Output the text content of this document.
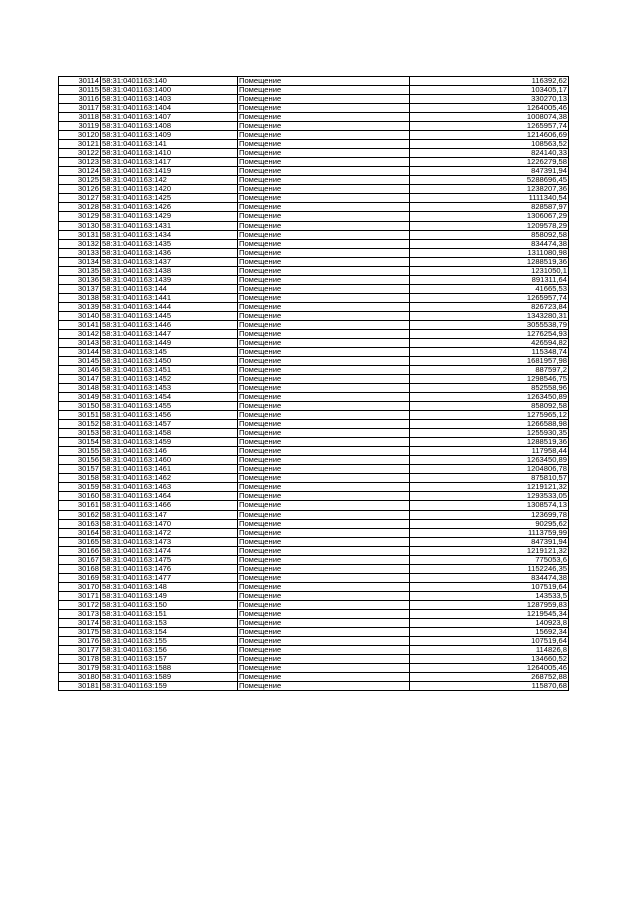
30114	58:31:0401163:140	Помещение	116392,62
30115	58:31:0401163:1400	Помещение	103405,17
30116	58:31:0401163:1403	Помещение	330270,13
30117	58:31:0401163:1404	Помещение	1264005,46
30118	58:31:0401163:1407	Помещение	1008074,38
30119	58:31:0401163:1408	Помещение	1265957,74
30120	58:31:0401163:1409	Помещение	1214606,69
30121	58:31:0401163:141	Помещение	108563,52
30122	58:31:0401163:1410	Помещение	824140,33
30123	58:31:0401163:1417	Помещение	1226279,58
30124	58:31:0401163:1419	Помещение	847391,94
30125	58:31:0401163:142	Помещение	5288696,45
30126	58:31:0401163:1420	Помещение	1238207,36
30127	58:31:0401163:1425	Помещение	1111340,54
30128	58:31:0401163:1426	Помещение	828587,97
30129	58:31:0401163:1429	Помещение	1306067,29
30130	58:31:0401163:1431	Помещение	1209578,29
30131	58:31:0401163:1434	Помещение	858092,58
30132	58:31:0401163:1435	Помещение	834474,38
30133	58:31:0401163:1436	Помещение	1311080,98
30134	58:31:0401163:1437	Помещение	1288519,36
30135	58:31:0401163:1438	Помещение	1231050,1
30136	58:31:0401163:1439	Помещение	891311,64
30137	58:31:0401163:144	Помещение	41665,53
30138	58:31:0401163:1441	Помещение	1265957,74
30139	58:31:0401163:1444	Помещение	826723,84
30140	58:31:0401163:1445	Помещение	1343280,31
30141	58:31:0401163:1446	Помещение	3055538,79
30142	58:31:0401163:1447	Помещение	1276254,93
30143	58:31:0401163:1449	Помещение	426594,82
30144	58:31:0401163:145	Помещение	115348,74
30145	58:31:0401163:1450	Помещение	1681957,98
30146	58:31:0401163:1451	Помещение	887597,2
30147	58:31:0401163:1452	Помещение	1298546,75
30148	58:31:0401163:1453	Помещение	852558,96
30149	58:31:0401163:1454	Помещение	1263450,89
30150	58:31:0401163:1455	Помещение	858092,58
30151	58:31:0401163:1456	Помещение	1275965,12
30152	58:31:0401163:1457	Помещение	1266588,98
30153	58:31:0401163:1458	Помещение	1255930,35
30154	58:31:0401163:1459	Помещение	1288519,36
30155	58:31:0401163:146	Помещение	117958,44
30156	58:31:0401163:1460	Помещение	1263450,89
30157	58:31:0401163:1461	Помещение	1204806,78
30158	58:31:0401163:1462	Помещение	875810,57
30159	58:31:0401163:1463	Помещение	1219121,32
30160	58:31:0401163:1464	Помещение	1293533,05
30161	58:31:0401163:1466	Помещение	1308574,13
30162	58:31:0401163:147	Помещение	123699,78
30163	58:31:0401163:1470	Помещение	90295,62
30164	58:31:0401163:1472	Помещение	1113759,99
30165	58:31:0401163:1473	Помещение	847391,94
30166	58:31:0401163:1474	Помещение	1219121,32
30167	58:31:0401163:1475	Помещение	775053,6
30168	58:31:0401163:1476	Помещение	1152246,35
30169	58:31:0401163:1477	Помещение	834474,38
30170	58:31:0401163:148	Помещение	107519,64
30171	58:31:0401163:149	Помещение	143533,5
30172	58:31:0401163:150	Помещение	1287959,83
30173	58:31:0401163:151	Помещение	1219545,34
30174	58:31:0401163:153	Помещение	140923,8
30175	58:31:0401163:154	Помещение	15692,34
30176	58:31:0401163:155	Помещение	107519,64
30177	58:31:0401163:156	Помещение	114826,8
30178	58:31:0401163:157	Помещение	134660,52
30179	58:31:0401163:1588	Помещение	1264005,46
30180	58:31:0401163:1589	Помещение	268752,88
30181	58:31:0401163:159	Помещение	115870,68
